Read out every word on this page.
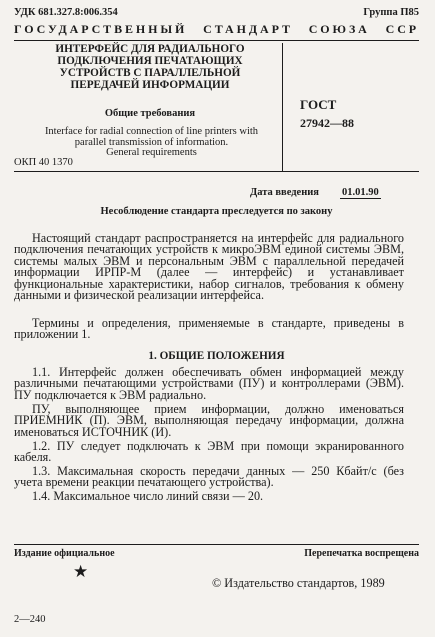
УДК 681.327.8:006.354	Группа П85
ГОСУДАРСТВЕННЫЙ СТАНДАРТ СОЮЗА ССР
ИНТЕРФЕЙС ДЛЯ РАДИАЛЬНОГО
ПОДКЛЮЧЕНИЯ ПЕЧАТАЮЩИХ
УСТРОЙСТВ С ПАРАЛЛЕЛЬНОЙ
ПЕРЕДАЧЕЙ ИНФОРМАЦИИ
Общие требования
Interface for radial connection of line printers with
parallel transmission of information.
General requirements
ОКП 40 1370
ГОСТ
27942—88
Дата введения 01.01.90
Несоблюдение стандарта преследуется по закону
Настоящий стандарт распространяется на интерфейс для радиального подключения печатающих устройств к микроЭВМ единой системы ЭВМ, системы малых ЭВМ и персональным ЭВМ с параллельной передачей информации ИРПР-М (далее — интерфейс) и устанавливает функциональные характеристики, набор сигналов, требования к обмену данными и физической реализации интерфейса.
Термины и определения, применяемые в стандарте, приведены в приложении 1.
1. ОБЩИЕ ПОЛОЖЕНИЯ
1.1. Интерфейс должен обеспечивать обмен информацией между различными печатающими устройствами (ПУ) и контроллерами (ЭВМ). ПУ подключается к ЭВМ радиально.
ПУ, выполняющее прием информации, должно именоваться ПРИЕМНИК (П). ЭВМ, выполняющая передачу информации, должна именоваться ИСТОЧНИК (И).
1.2. ПУ следует подключать к ЭВМ при помощи экранированного кабеля.
1.3. Максимальная скорость передачи данных — 250 Кбайт/с (без учета времени реакции печатающего устройства).
1.4. Максимальное число линий связи — 20.
Издание официальное	Перепечатка воспрещена
★
© Издательство стандартов, 1989
2—240
